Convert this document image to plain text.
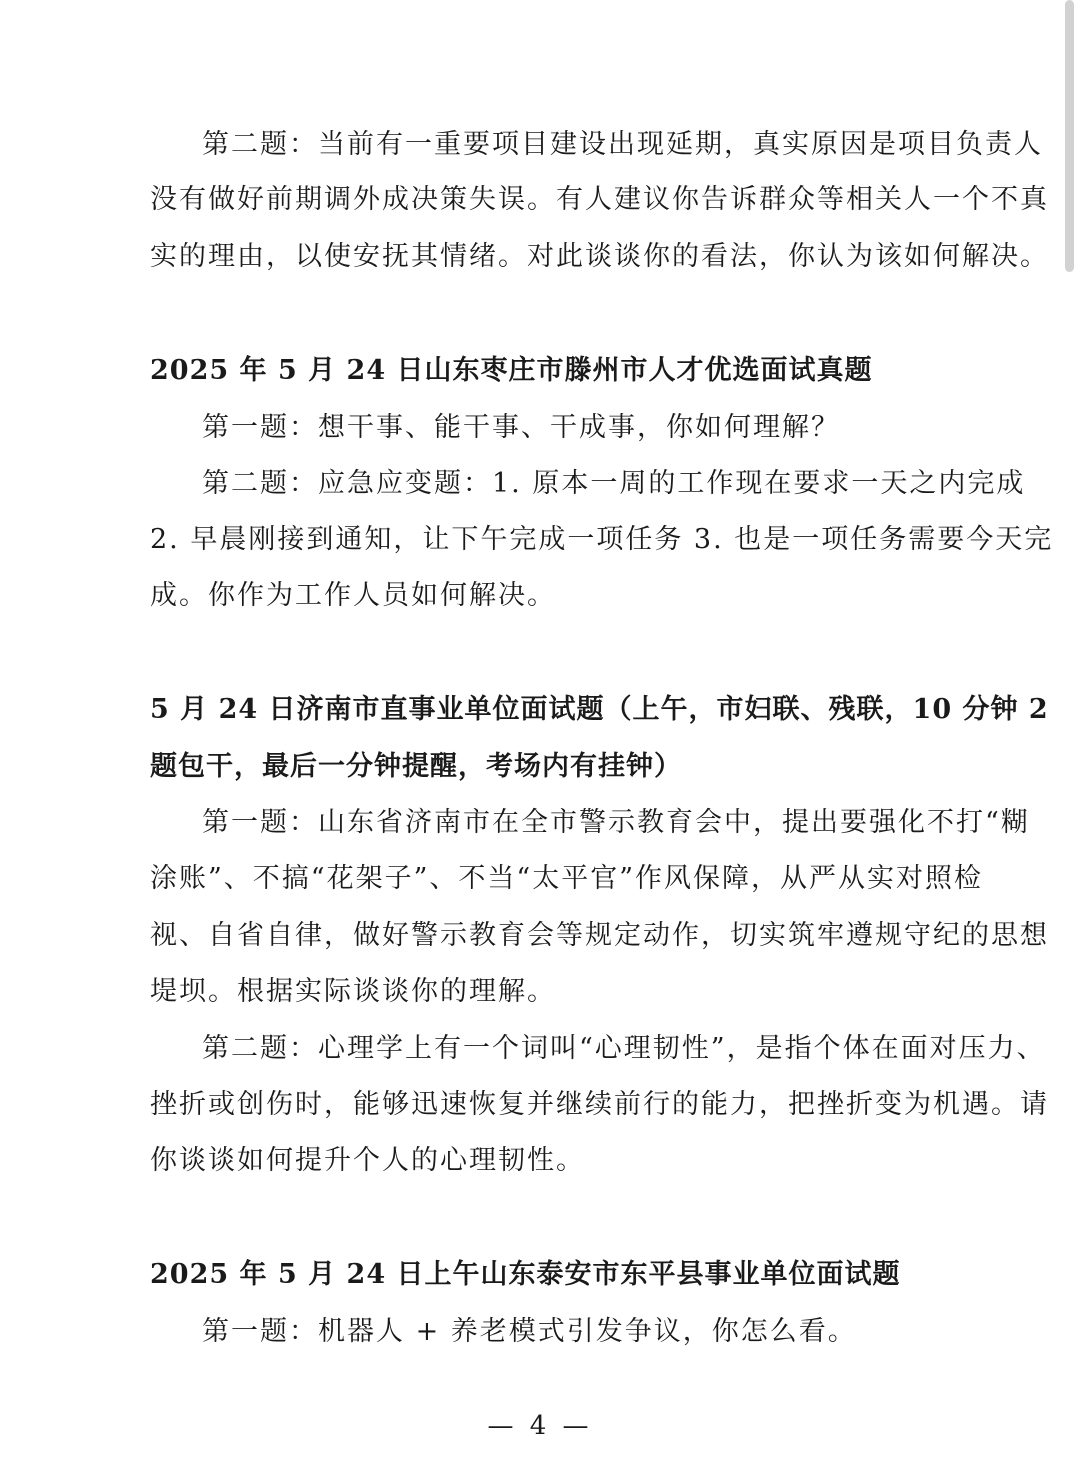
第二题：当前有一重要项目建设出现延期，真实原因是项目负责人
没有做好前期调外成决策失误。有人建议你告诉群众等相关人一个不真
实的理由，以使安抚其情绪。对此谈谈你的看法，你认为该如何解决。
2025 年 5 月 24 日山东枣庄市滕州市人才优选面试真题
第一题：想干事、能干事、干成事，你如何理解？
第二题：应急应变题：1. 原本一周的工作现在要求一天之内完成
2. 早晨刚接到通知，让下午完成一项任务 3. 也是一项任务需要今天完
成。你作为工作人员如何解决。
5 月 24 日济南市直事业单位面试题（上午，市妇联、残联，10 分钟 2
题包干，最后一分钟提醒，考场内有挂钟）
第一题：山东省济南市在全市警示教育会中，提出要强化不打“糊
涂账”、不搞“花架子”、不当“太平官”作风保障，从严从实对照检
视、自省自律，做好警示教育会等规定动作，切实筑牢遵规守纪的思想
堤坝。根据实际谈谈你的理解。
第二题：心理学上有一个词叫“心理韧性”，是指个体在面对压力、
挫折或创伤时，能够迅速恢复并继续前行的能力，把挫折变为机遇。请
你谈谈如何提升个人的心理韧性。
2025 年 5 月 24 日上午山东泰安市东平县事业单位面试题
第一题：机器人 + 养老模式引发争议，你怎么看。
— 4 —
